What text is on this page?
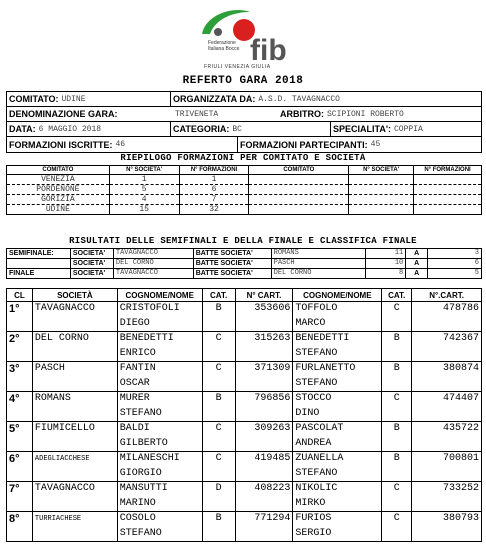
fib
Federazione
Italiana Bocce
FRIULI VENEZIA GIULIA
REFERTO GARA 2018
COMITATO: UDINE	ORGANIZZATA DA: A.S.D. TAVAGNACCO
DENOMINAZIONE GARA:	TRIVENETA	ARBITRO: SCIPIONI ROBERTO
DATA: 6 MAGGIO 2018	CATEGORIA: BC	SPECIALITA': COPPIA
FORMAZIONI ISCRITTE: 46	FORMAZIONI PARTECIPANTI: 45
RIEPILOGO FORMAZIONI PER COMITATO E SOCIETÀ
COMITATO	N° SOCIETA'	N° FORMAZIONI	COMITATO	N° SOCIETA'	N° FORMAZIONI
VENEZIA	1	1			
PORDENONE	5	6			
GORIZIA	4	7			
UDINE	15	32			
RISULTATI DELLE SEMIFINALI E DELLA FINALE E CLASSIFICA FINALE
SEMIFINALE:	SOCIETA'	TAVAGNACCO	BATTE SOCIETA'	ROMANS	11	A	3
	SOCIETA'	DEL CORNO	BATTE SOCIETA'	PASCH	10	A	6
FINALE	SOCIETA'	TAVAGNACCO	BATTE SOCIETA'	DEL CORNO	8	A	5
CL	SOCIETÀ	COGNOME/NOME	CAT.	N° CART.	COGNOME/NOME	CAT.	N°.CART.
1°	TAVAGNACCO	CRISTOFOLI	B	353606	TOFFOLO	C	478786
		DIEGO			MARCO		
2°	DEL CORNO	BENEDETTI	C	315263	BENEDETTI	B	742367
		ENRICO			STEFANO		
3°	PASCH	FANTIN	C	371309	FURLANETTO	B	380874
		OSCAR			STEFANO		
4°	ROMANS	MURER	B	796856	STOCCO	C	474407
		STEFANO			DINO		
5°	FIUMICELLO	BALDI	C	309263	PASCOLAT	B	435722
		GILBERTO			ANDREA		
6°	ADEGLIACCHESE	MILANESCHI	C	419485	ZUANELLA	B	700801
		GIORGIO			STEFANO		
7°	TAVAGNACCO	MANSUTTI	D	408223	NIKOLIC	C	733252
		MARINO			MIRKO		
8°	TURRIACHESE	COSOLO	B	771294	FURIOS	C	380793
		STEFANO			SERGIO		
